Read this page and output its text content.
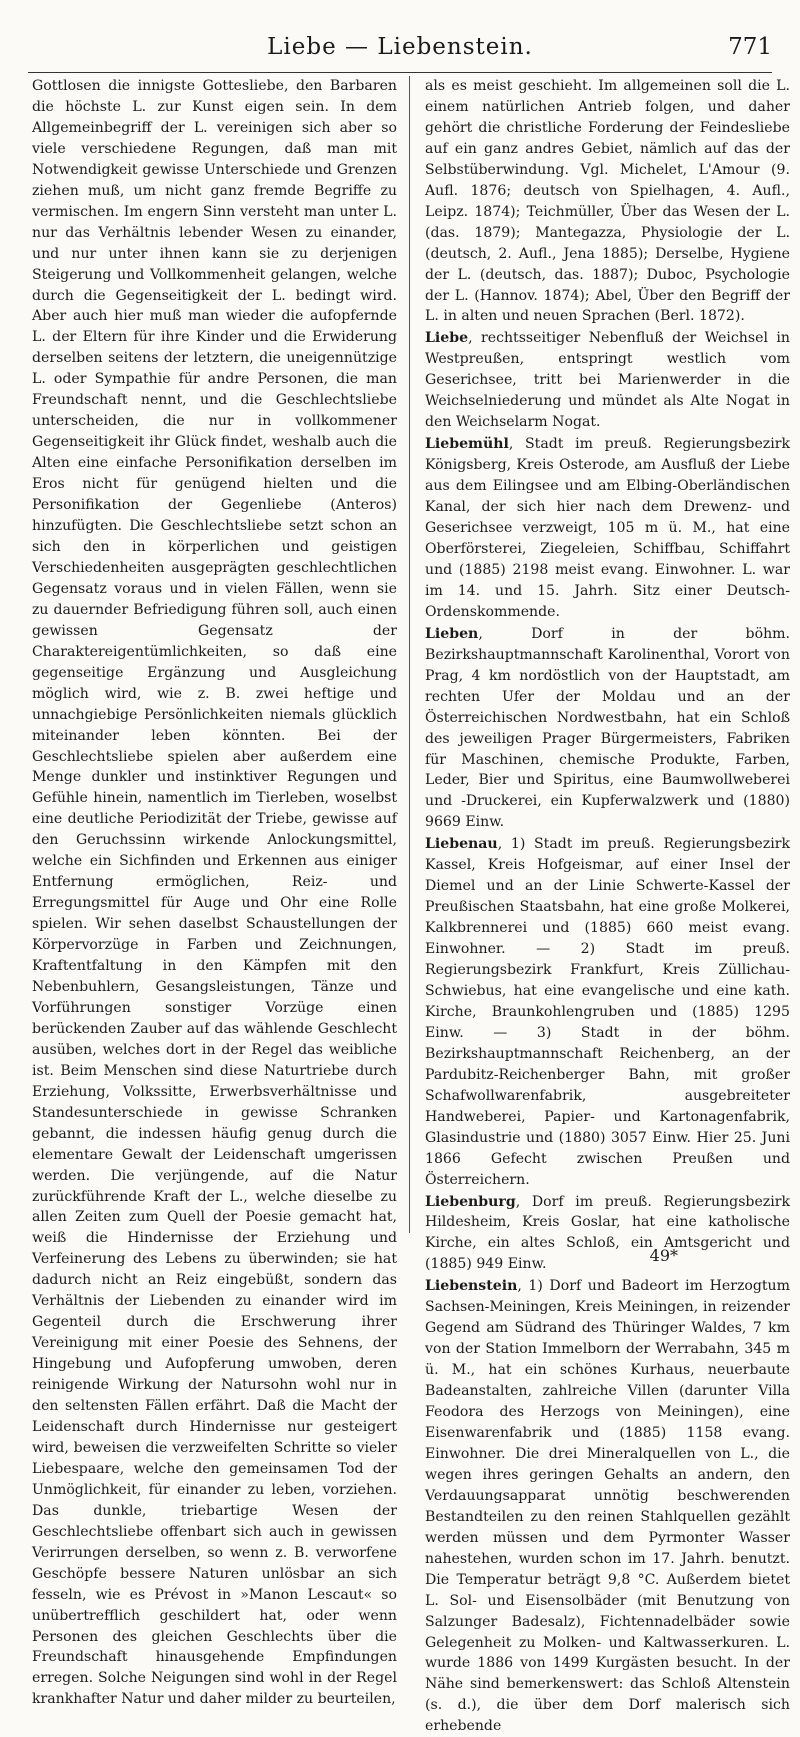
Liebe — Liebenstein.	771

Gottlosen die innigste Gottesliebe, den Barbaren die höchste L. zur Kunst eigen sein. In dem Allgemeinbegriff der L. vereinigen sich aber so viele verschiedene Regungen, daß man mit Notwendigkeit gewisse Unterschiede und Grenzen ziehen muß, um nicht ganz fremde Begriffe zu vermischen. Im engern Sinn versteht man unter L. nur das Verhältnis lebender Wesen zu einander, und nur unter ihnen kann sie zu derjenigen Steigerung und Vollkommenheit gelangen, welche durch die Gegenseitigkeit der L. bedingt wird. Aber auch hier muß man wieder die aufopfernde L. der Eltern für ihre Kinder und die Erwiderung derselben seitens der letztern, die uneigennützige L. oder Sympathie für andre Personen, die man Freundschaft nennt, und die Geschlechtsliebe unterscheiden, die nur in vollkommener Gegenseitigkeit ihr Glück findet, weshalb auch die Alten eine einfache Personifikation derselben im Eros nicht für genügend hielten und die Personifikation der Gegenliebe (Anteros) hinzufügten. Die Geschlechtsliebe setzt schon an sich den in körperlichen und geistigen Verschiedenheiten ausgeprägten geschlechtlichen Gegensatz voraus und in vielen Fällen, wenn sie zu dauernder Befriedigung führen soll, auch einen gewissen Gegensatz der Charaktereigentümlichkeiten, so daß eine gegenseitige Ergänzung und Ausgleichung möglich wird, wie z. B. zwei heftige und unnachgiebige Persönlichkeiten niemals glücklich miteinander leben könnten. Bei der Geschlechtsliebe spielen aber außerdem eine Menge dunkler und instinktiver Regungen und Gefühle hinein, namentlich im Tierleben, woselbst eine deutliche Periodizität der Triebe, gewisse auf den Geruchssinn wirkende Anlockungsmittel, welche ein Sichfinden und Erkennen aus einiger Entfernung ermöglichen, Reiz- und Erregungsmittel für Auge und Ohr eine Rolle spielen. Wir sehen daselbst Schaustellungen der Körpervorzüge in Farben und Zeichnungen, Kraftentfaltung in den Kämpfen mit den Nebenbuhlern, Gesangsleistungen, Tänze und Vorführungen sonstiger Vorzüge einen berückenden Zauber auf das wählende Geschlecht ausüben, welches dort in der Regel das weibliche ist. Beim Menschen sind diese Naturtriebe durch Erziehung, Volkssitte, Erwerbsverhältnisse und Standesunterschiede in gewisse Schranken gebannt, die indessen häufig genug durch die elementare Gewalt der Leidenschaft umgerissen werden. Die verjüngende, auf die Natur zurückführende Kraft der L., welche dieselbe zu allen Zeiten zum Quell der Poesie gemacht hat, weiß die Hindernisse der Erziehung und Verfeinerung des Lebens zu überwinden; sie hat dadurch nicht an Reiz eingebüßt, sondern das Verhältnis der Liebenden zu einander wird im Gegenteil durch die Erschwerung ihrer Vereinigung mit einer Poesie des Sehnens, der Hingebung und Aufopferung umwoben, deren reinigende Wirkung der Natursohn wohl nur in den seltensten Fällen erfährt. Daß die Macht der Leidenschaft durch Hindernisse nur gesteigert wird, beweisen die verzweifelten Schritte so vieler Liebespaare, welche den gemeinsamen Tod der Unmöglichkeit, für einander zu leben, vorziehen. Das dunkle, triebartige Wesen der Geschlechtsliebe offenbart sich auch in gewissen Verirrungen derselben, so wenn z. B. verworfene Geschöpfe bessere Naturen unlösbar an sich fesseln, wie es Prévost in »Manon Lescaut« so unübertrefflich geschildert hat, oder wenn Personen des gleichen Geschlechts über die Freundschaft hinausgehende Empfindungen erregen. Solche Neigungen sind wohl in der Regel krankhafter Natur und daher milder zu beurteilen,

als es meist geschieht. Im allgemeinen soll die L. einem natürlichen Antrieb folgen, und daher gehört die christliche Forderung der Feindesliebe auf ein ganz andres Gebiet, nämlich auf das der Selbstüberwindung. Vgl. Michelet, L'Amour (9. Aufl. 1876; deutsch von Spielhagen, 4. Aufl., Leipz. 1874); Teichmüller, Über das Wesen der L. (das. 1879); Mantegazza, Physiologie der L. (deutsch, 2. Aufl., Jena 1885); Derselbe, Hygiene der L. (deutsch, das. 1887); Duboc, Psychologie der L. (Hannov. 1874); Abel, Über den Begriff der L. in alten und neuen Sprachen (Berl. 1872).

Liebe, rechtsseitiger Nebenfluß der Weichsel in Westpreußen, entspringt westlich vom Geserichsee, tritt bei Marienwerder in die Weichselniederung und mündet als Alte Nogat in den Weichselarm Nogat.

Liebemühl, Stadt im preuß. Regierungsbezirk Königsberg, Kreis Osterode, am Ausfluß der Liebe aus dem Eilingsee und am Elbing-Oberländischen Kanal, der sich hier nach dem Drewenz- und Geserichsee verzweigt, 105 m ü. M., hat eine Oberförsterei, Ziegeleien, Schiffbau, Schiffahrt und (1885) 2198 meist evang. Einwohner. L. war im 14. und 15. Jahrh. Sitz einer Deutsch-Ordenskommende.

Lieben, Dorf in der böhm. Bezirkshauptmannschaft Karolinenthal, Vorort von Prag, 4 km nordöstlich von der Hauptstadt, am rechten Ufer der Moldau und an der Österreichischen Nordwestbahn, hat ein Schloß des jeweiligen Prager Bürgermeisters, Fabriken für Maschinen, chemische Produkte, Farben, Leder, Bier und Spiritus, eine Baumwollweberei und -Druckerei, ein Kupferwalzwerk und (1880) 9669 Einw.

Liebenau, 1) Stadt im preuß. Regierungsbezirk Kassel, Kreis Hofgeismar, auf einer Insel der Diemel und an der Linie Schwerte-Kassel der Preußischen Staatsbahn, hat eine große Molkerei, Kalkbrennerei und (1885) 660 meist evang. Einwohner. — 2) Stadt im preuß. Regierungsbezirk Frankfurt, Kreis Züllichau-Schwiebus, hat eine evangelische und eine kath. Kirche, Braunkohlengruben und (1885) 1295 Einw. — 3) Stadt in der böhm. Bezirkshauptmannschaft Reichenberg, an der Pardubitz-Reichenberger Bahn, mit großer Schafwollwarenfabrik, ausgebreiteter Handweberei, Papier- und Kartonagenfabrik, Glasindustrie und (1880) 3057 Einw. Hier 25. Juni 1866 Gefecht zwischen Preußen und Österreichern.

Liebenburg, Dorf im preuß. Regierungsbezirk Hildesheim, Kreis Goslar, hat eine katholische Kirche, ein altes Schloß, ein Amtsgericht und (1885) 949 Einw.

Liebenstein, 1) Dorf und Badeort im Herzogtum Sachsen-Meiningen, Kreis Meiningen, in reizender Gegend am Südrand des Thüringer Waldes, 7 km von der Station Immelborn der Werrabahn, 345 m ü. M., hat ein schönes Kurhaus, neuerbaute Badeanstalten, zahlreiche Villen (darunter Villa Feodora des Herzogs von Meiningen), eine Eisenwarenfabrik und (1885) 1158 evang. Einwohner. Die drei Mineralquellen von L., die wegen ihres geringen Gehalts an andern, den Verdauungsapparat unnötig beschwerenden Bestandteilen zu den reinen Stahlquellen gezählt werden müssen und dem Pyrmonter Wasser nahestehen, wurden schon im 17. Jahrh. benutzt. Die Temperatur beträgt 9,8 °C. Außerdem bietet L. Sol- und Eisensolbäder (mit Benutzung von Salzunger Badesalz), Fichtennadelbäder sowie Gelegenheit zu Molken- und Kaltwasserkuren. L. wurde 1886 von 1499 Kurgästen besucht. In der Nähe sind bemerkenswert: das Schloß Altenstein (s. d.), die über dem Dorf malerisch sich erhebende

49*
